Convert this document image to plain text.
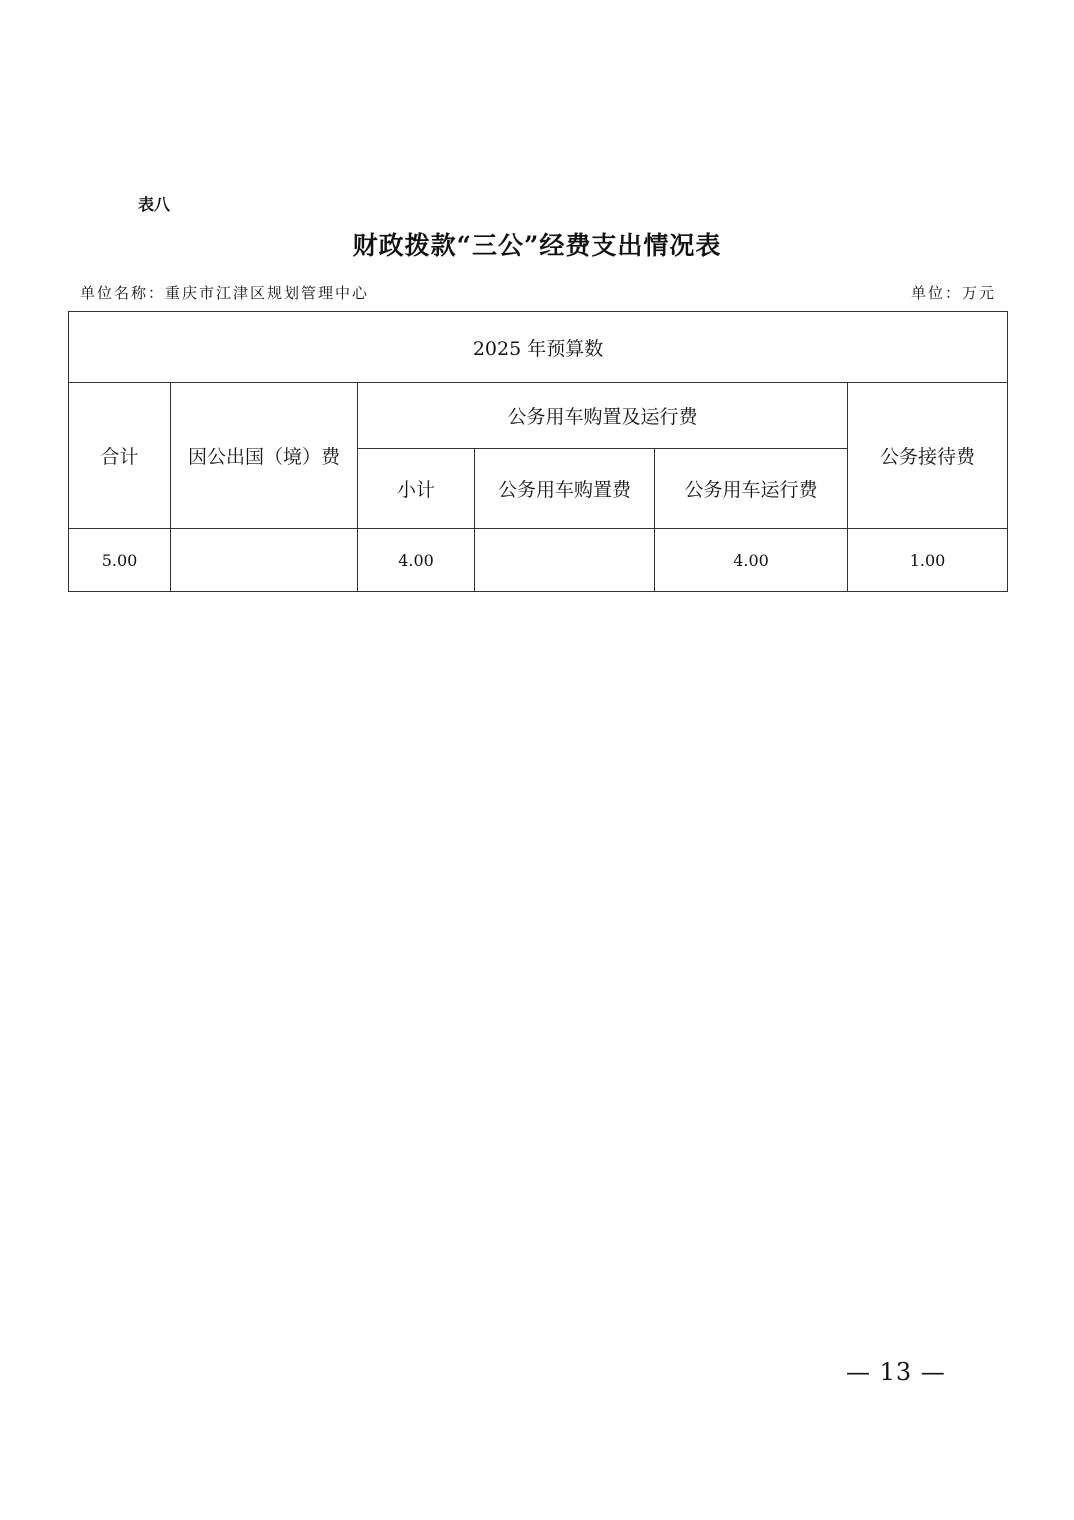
表八
财政拨款“三公”经费支出情况表
单位名称：重庆市江津区规划管理中心	单位：万元
2025 年预算数					
合计	因公出国（境）费	公务用车购置及运行费			公务接待费
		小计	公务用车购置费	公务用车运行费	
5.00		4.00		4.00	1.00
— 13 —
